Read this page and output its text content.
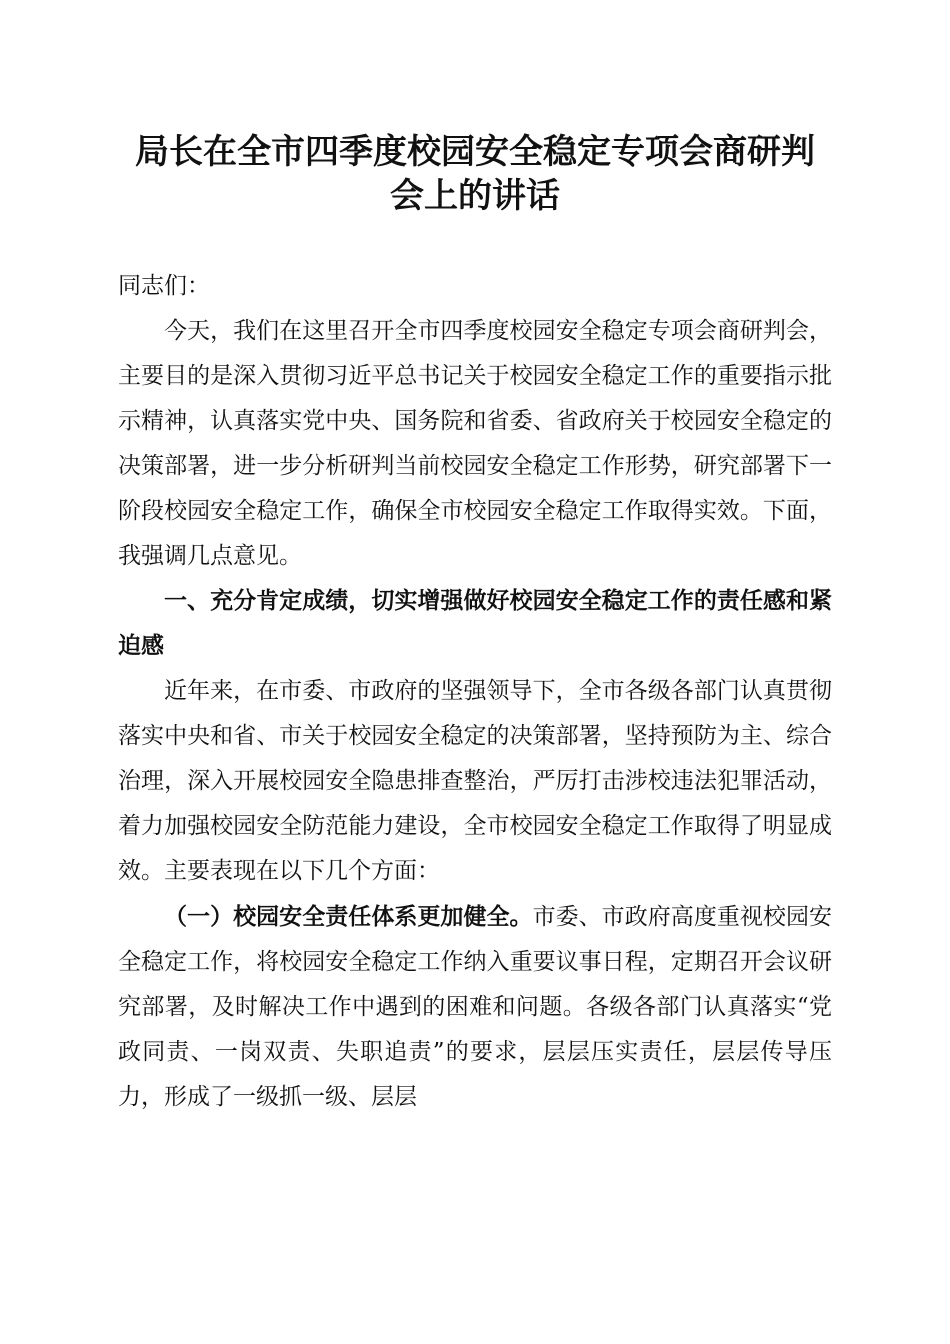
局长在全市四季度校园安全稳定专项会商研判
会上的讲话

同志们：

今天，我们在这里召开全市四季度校园安全稳定专项会商研判会，主要目的是深入贯彻习近平总书记关于校园安全稳定工作的重要指示批示精神，认真落实党中央、国务院和省委、省政府关于校园安全稳定的决策部署，进一步分析研判当前校园安全稳定工作形势，研究部署下一阶段校园安全稳定工作，确保全市校园安全稳定工作取得实效。下面，我强调几点意见。

一、充分肯定成绩，切实增强做好校园安全稳定工作的责任感和紧迫感

近年来，在市委、市政府的坚强领导下，全市各级各部门认真贯彻落实中央和省、市关于校园安全稳定的决策部署，坚持预防为主、综合治理，深入开展校园安全隐患排查整治，严厉打击涉校违法犯罪活动，着力加强校园安全防范能力建设，全市校园安全稳定工作取得了明显成效。主要表现在以下几个方面：

（一）校园安全责任体系更加健全。市委、市政府高度重视校园安全稳定工作，将校园安全稳定工作纳入重要议事日程，定期召开会议研究部署，及时解决工作中遇到的困难和问题。各级各部门认真落实“党政同责、一岗双责、失职追责”的要求，层层压实责任，层层传导压力，形成了一级抓一级、层层
